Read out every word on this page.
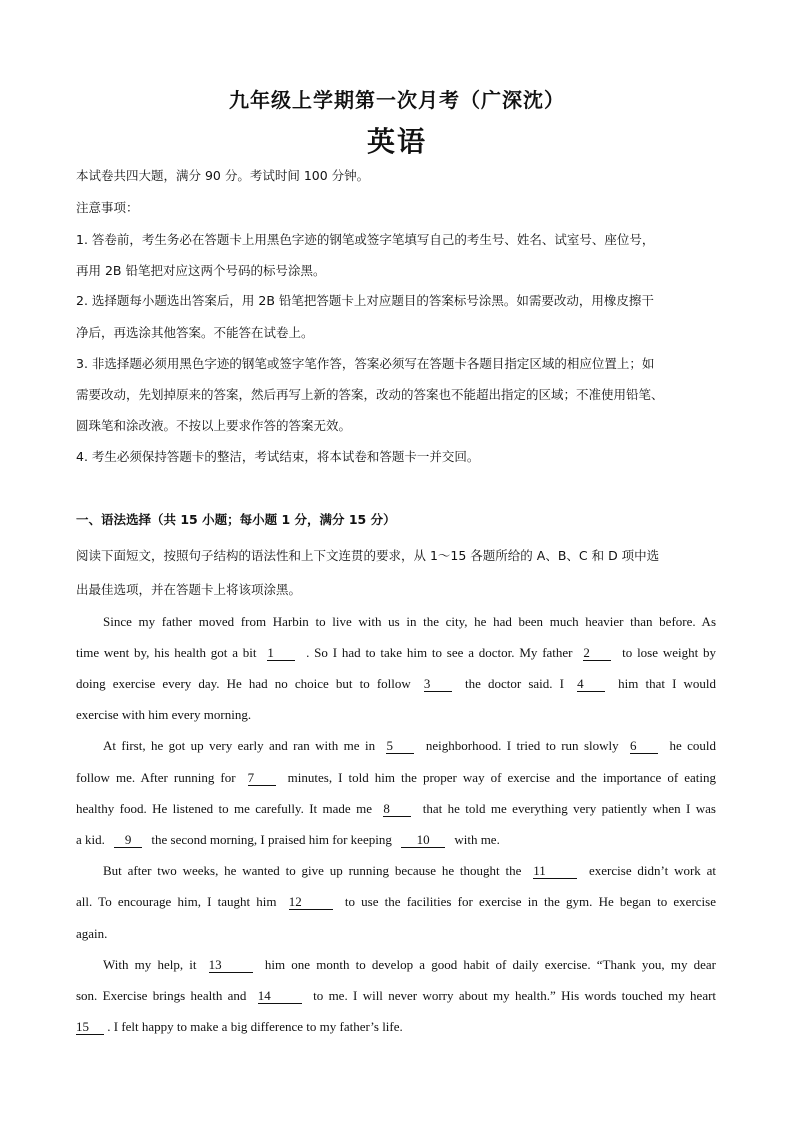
九年级上学期第一次月考（广深沈）
英语
本试卷共四大题，满分 90 分。考试时间 100 分钟。
注意事项：
1. 答卷前，考生务必在答题卡上用黑色字迹的钢笔或签字笔填写自己的考生号、姓名、试室号、座位号，
再用 2B 铅笔把对应这两个号码的标号涂黑。
2. 选择题每小题选出答案后，用 2B 铅笔把答题卡上对应题目的答案标号涂黑。如需要改动，用橡皮擦干
净后，再选涂其他答案。不能答在试卷上。
3. 非选择题必须用黑色字迹的钢笔或签字笔作答，答案必须写在答题卡各题目指定区域的相应位置上；如
需要改动，先划掉原来的答案，然后再写上新的答案，改动的答案也不能超出指定的区域；不准使用铅笔、
圆珠笔和涂改液。不按以上要求作答的答案无效。
4. 考生必须保持答题卡的整洁，考试结束，将本试卷和答题卡一并交回。
一、语法选择（共 15 小题；每小题 1 分，满分 15 分）
阅读下面短文，按照句子结构的语法性和上下文连贯的要求，从 1～15 各题所给的 A、B、C 和 D 项中选
出最佳选项，并在答题卡上将该项涂黑。
Since my father moved from Harbin to live with us in the city, he had been much heavier than before. As
time went by, his health got a bit 1 . So I had to take him to see a doctor. My father 2 to lose weight by
doing exercise every day. He had no choice but to follow 3	the doctor said. I 4	him that I would
exercise with him every morning.
At first, he got up very early and ran with me in 5	neighborhood. I tried to run slowly 6	he could
follow me. After running for 7	minutes, I told him the proper way of exercise and the importance of eating
healthy food. He listened to me carefully. It made me 8	that he told me everything very patiently when I was
a kid. 9 the second morning, I praised him for keeping 10 with me.
But after two weeks, he wanted to give up running because he thought the 11	exercise didn’t work at
all. To encourage him, I taught him 12	to use the facilities for exercise in the gym. He began to exercise
again.
With my help, it 13	him one month to develop a good habit of daily exercise. “Thank you, my dear
son. Exercise brings health and 14	to me. I will never worry about my health.” His words touched my heart
15 . I felt happy to make a big difference to my father’s life.
